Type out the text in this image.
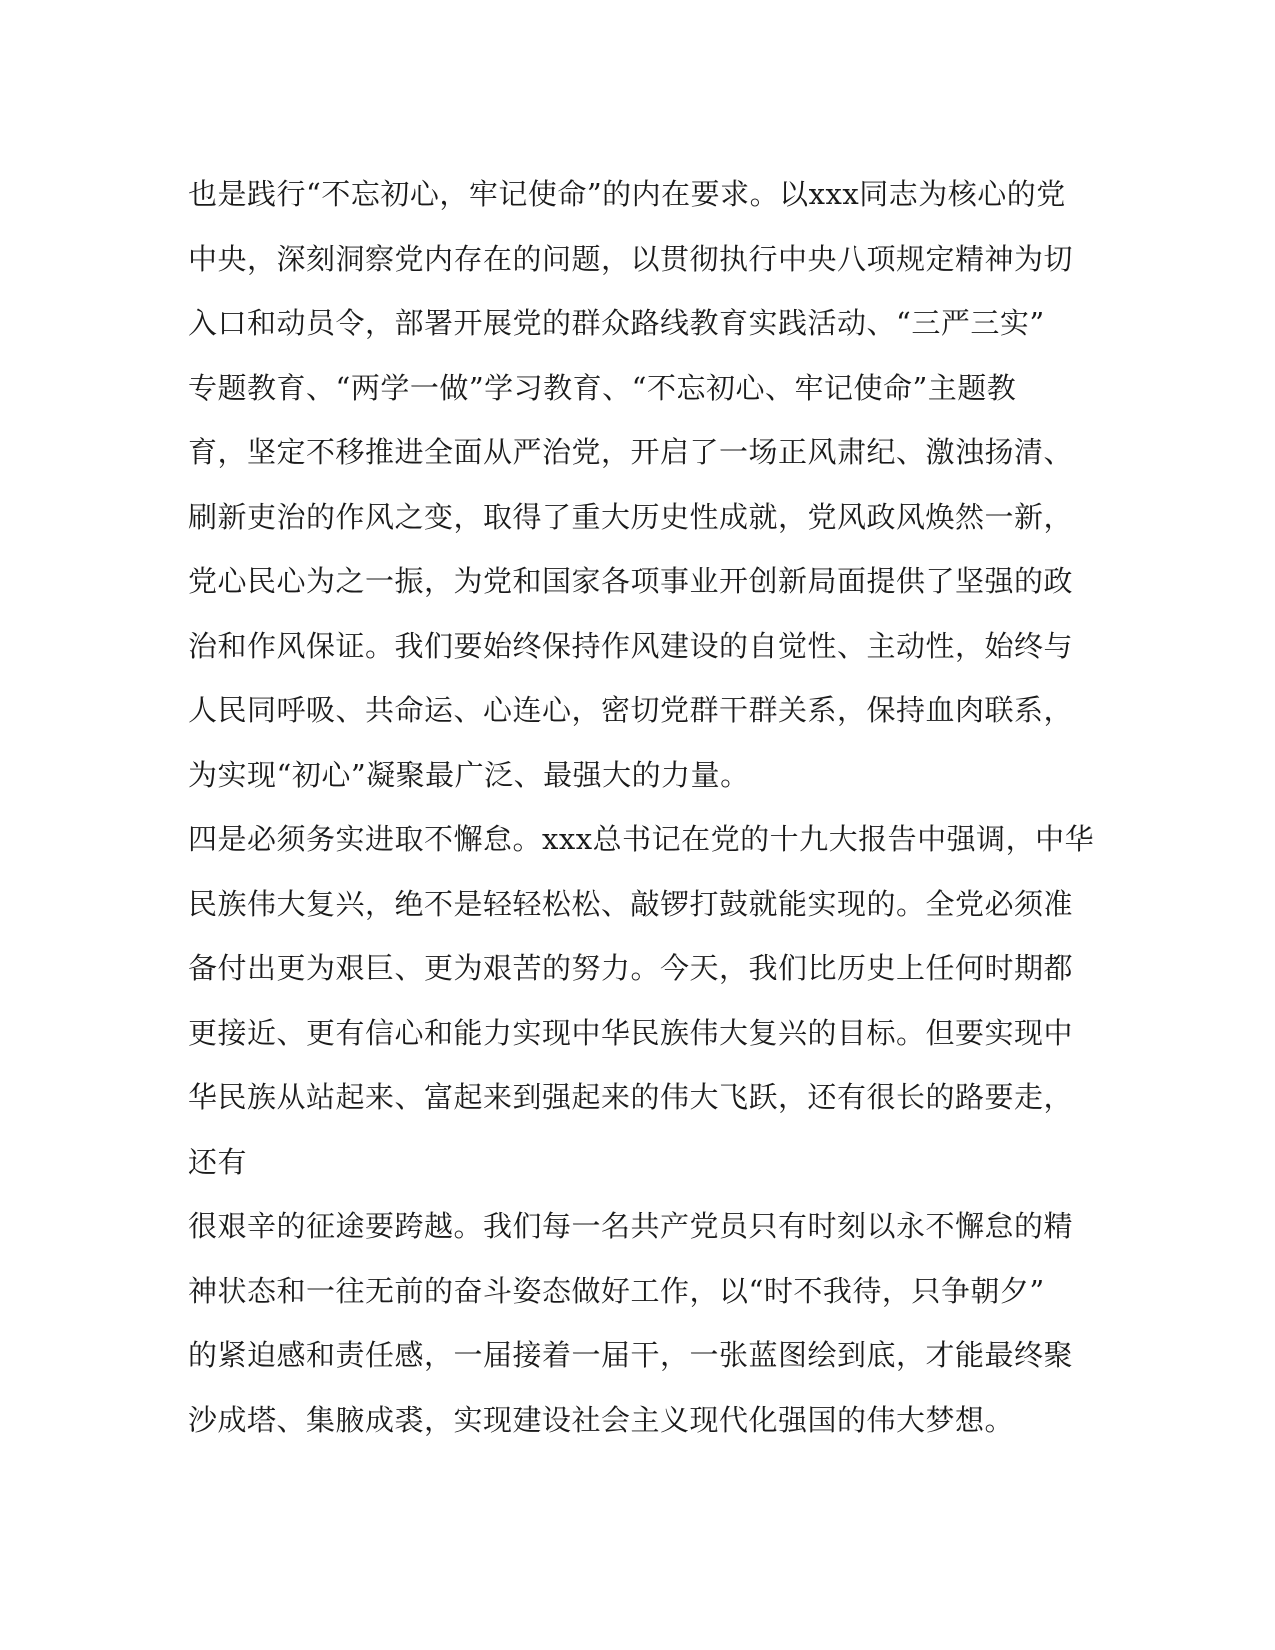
也是践行“不忘初心，牢记使命”的内在要求。以xxx同志为核心的党
中央，深刻洞察党内存在的问题，以贯彻执行中央八项规定精神为切
入口和动员令，部署开展党的群众路线教育实践活动、“三严三实”
专题教育、“两学一做”学习教育、“不忘初心、牢记使命”主题教
育，坚定不移推进全面从严治党，开启了一场正风肃纪、激浊扬清、
刷新吏治的作风之变，取得了重大历史性成就，党风政风焕然一新，
党心民心为之一振，为党和国家各项事业开创新局面提供了坚强的政
治和作风保证。我们要始终保持作风建设的自觉性、主动性，始终与
人民同呼吸、共命运、心连心，密切党群干群关系，保持血肉联系，
为实现“初心”凝聚最广泛、最强大的力量。
四是必须务实进取不懈怠。xxx总书记在党的十九大报告中强调，中华
民族伟大复兴，绝不是轻轻松松、敲锣打鼓就能实现的。全党必须准
备付出更为艰巨、更为艰苦的努力。今天，我们比历史上任何时期都
更接近、更有信心和能力实现中华民族伟大复兴的目标。但要实现中
华民族从站起来、富起来到强起来的伟大飞跃，还有很长的路要走，
还有
很艰辛的征途要跨越。我们每一名共产党员只有时刻以永不懈怠的精
神状态和一往无前的奋斗姿态做好工作，以“时不我待，只争朝夕”
的紧迫感和责任感，一届接着一届干，一张蓝图绘到底，才能最终聚
沙成塔、集腋成裘，实现建设社会主义现代化强国的伟大梦想。
